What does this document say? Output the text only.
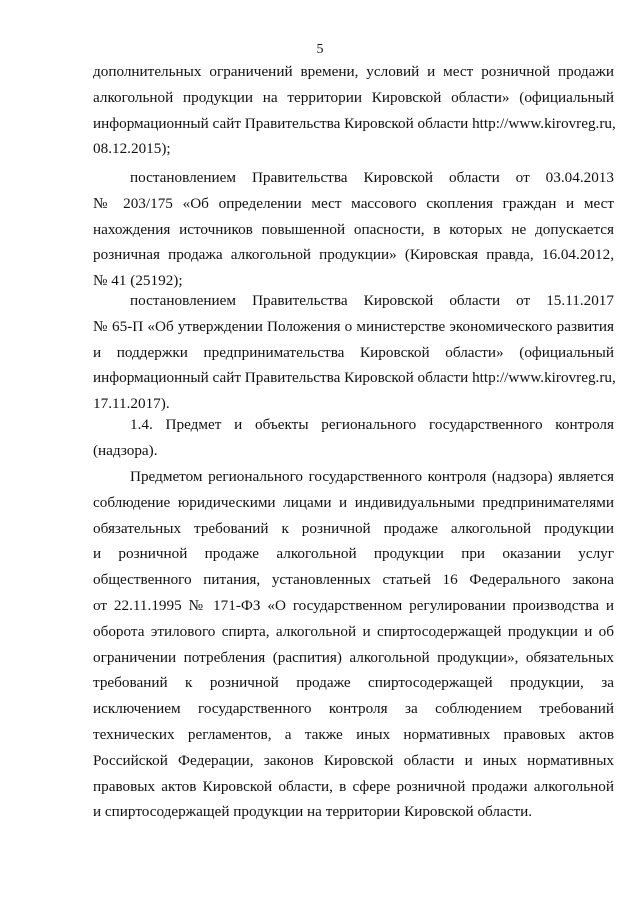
5
дополнительных ограничений времени, условий и мест розничной продажи
алкогольной продукции на территории Кировской области» (официальный
информационный сайт Правительства Кировской области http://www.kirovreg.ru,
08.12.2015);
постановлением Правительства Кировской области от 03.04.2013
№ 203/175 «Об определении мест массового скопления граждан и мест
нахождения источников повышенной опасности, в которых не допускается
розничная продажа алкогольной продукции» (Кировская правда, 16.04.2012,
№ 41 (25192);
постановлением Правительства Кировской области от 15.11.2017
№ 65-П «Об утверждении Положения о министерстве экономического развития
и поддержки предпринимательства Кировской области» (официальный
информационный сайт Правительства Кировской области http://www.kirovreg.ru,
17.11.2017).
1.4. Предмет и объекты регионального государственного контроля
(надзора).
Предметом регионального государственного контроля (надзора) является
соблюдение юридическими лицами и индивидуальными предпринимателями
обязательных требований к розничной продаже алкогольной продукции
и розничной продаже алкогольной продукции при оказании услуг
общественного питания, установленных статьей 16 Федерального закона
от 22.11.1995 № 171-ФЗ «О государственном регулировании производства и
оборота этилового спирта, алкогольной и спиртосодержащей продукции и об
ограничении потребления (распития) алкогольной продукции», обязательных
требований к розничной продаже спиртосодержащей продукции, за
исключением государственного контроля за соблюдением требований
технических регламентов, а также иных нормативных правовых актов
Российской Федерации, законов Кировской области и иных нормативных
правовых актов Кировской области, в сфере розничной продажи алкогольной
и спиртосодержащей продукции на территории Кировской области.
